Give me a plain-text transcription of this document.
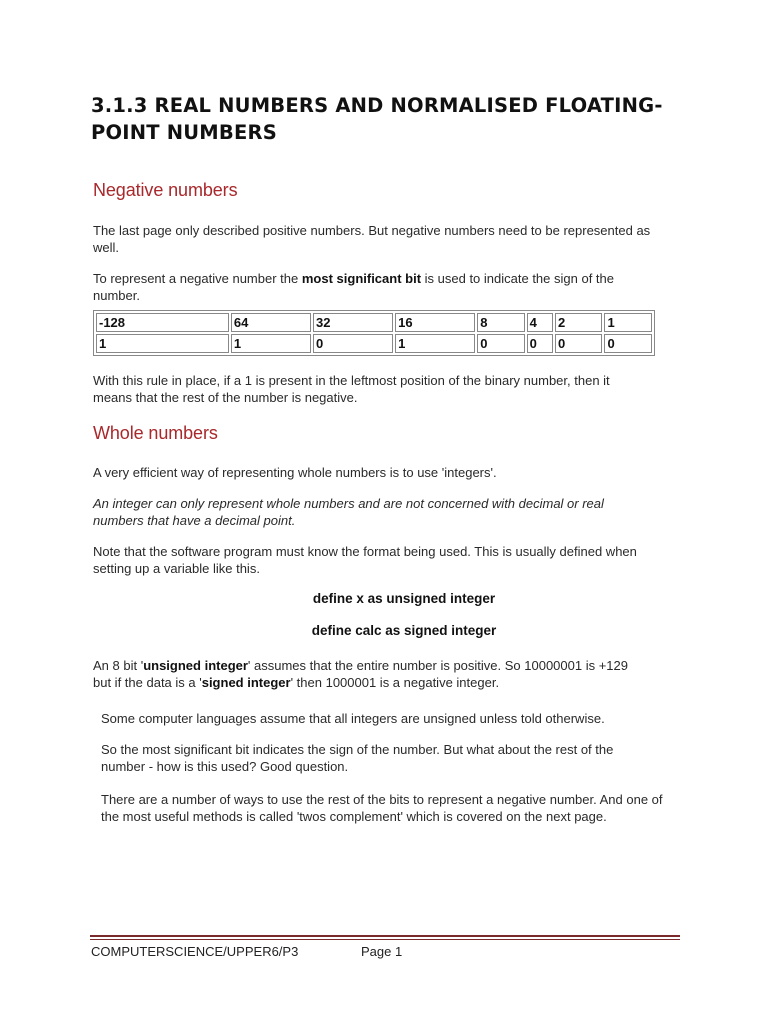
3.1.3 REAL NUMBERS AND NORMALISED FLOATING-POINT NUMBERS
Negative numbers

The last page only described positive numbers. But negative numbers need to be represented as well.

To represent a negative number the most significant bit is used to indicate the sign of the number.

-128	64	32	16	8	4	2	1
1	1	0	1	0	0	0	0

With this rule in place, if a 1 is present in the leftmost position of the binary number, then it means that the rest of the number is negative.

Whole numbers

A very efficient way of representing whole numbers is to use 'integers'.

An integer can only represent whole numbers and are not concerned with decimal or real numbers that have a decimal point.

Note that the software program must know the format being used. This is usually defined when setting up a variable like this.

define x as unsigned integer

define calc as signed integer

An 8 bit 'unsigned integer' assumes that the entire number is positive. So 10000001 is +129 but if the data is a 'signed integer' then 1000001 is a negative integer.

Some computer languages assume that all integers are unsigned unless told otherwise.

So the most significant bit indicates the sign of the number. But what about the rest of the number - how is this used? Good question.

There are a number of ways to use the rest of the bits to represent a negative number. And one of the most useful methods is called 'twos complement' which is covered on the next page.

COMPUTERSCIENCE/UPPER6/P3	Page 1
